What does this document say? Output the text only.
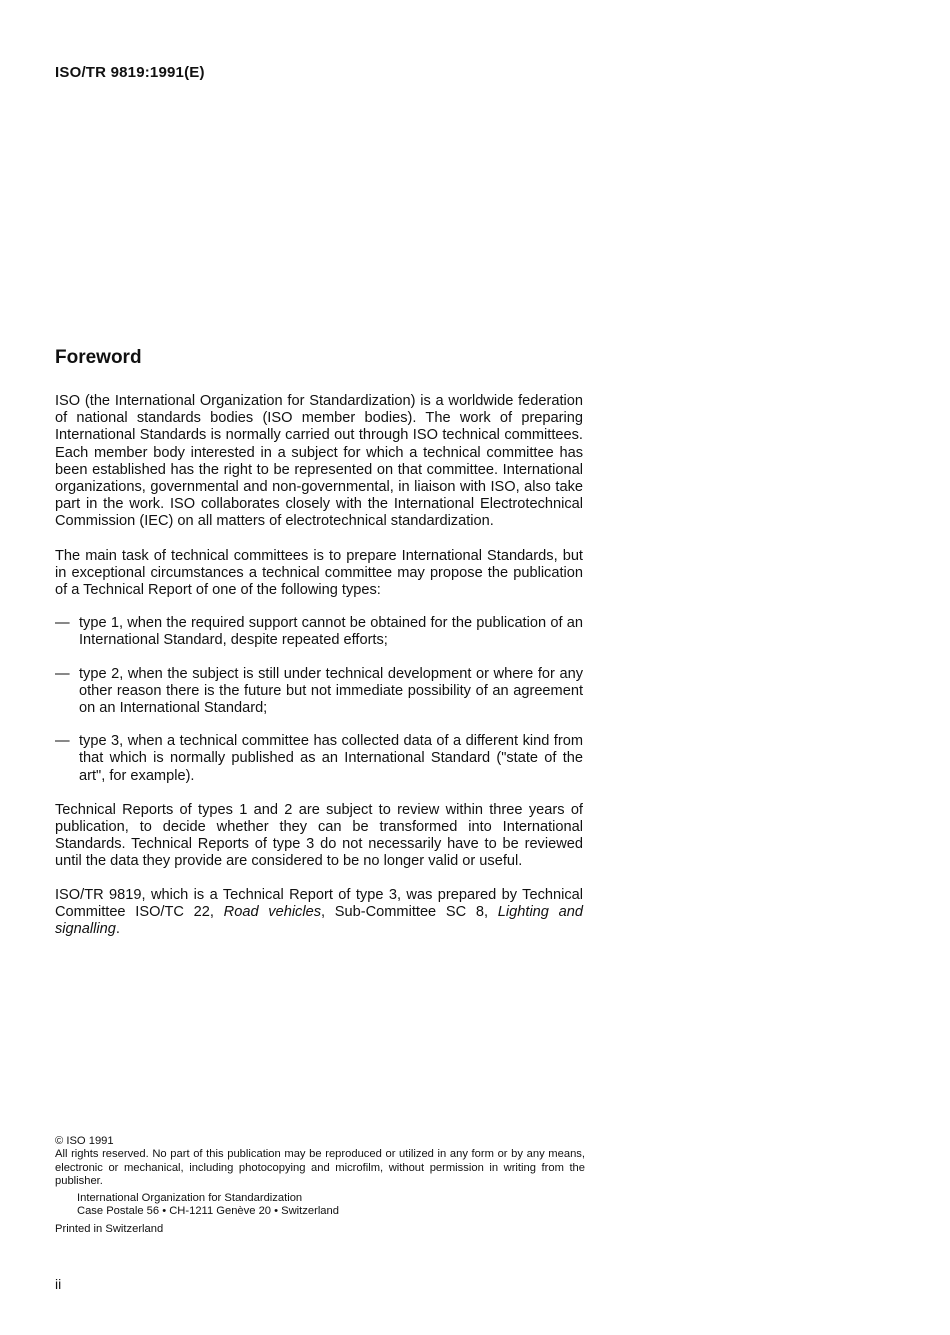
ISO/TR 9819:1991(E)
Foreword

ISO (the International Organization for Standardization) is a worldwide federation of national standards bodies (ISO member bodies). The work of preparing International Standards is normally carried out through ISO technical committees. Each member body interested in a subject for which a technical committee has been established has the right to be represented on that committee. International organizations, governmental and non-governmental, in liaison with ISO, also take part in the work. ISO collaborates closely with the International Electrotechnical Commission (IEC) on all matters of electrotechnical standardization.

The main task of technical committees is to prepare International Standards, but in exceptional circumstances a technical committee may propose the publication of a Technical Report of one of the following types:

— type 1, when the required support cannot be obtained for the publication of an International Standard, despite repeated efforts;
— type 2, when the subject is still under technical development or where for any other reason there is the future but not immediate possibility of an agreement on an International Standard;
— type 3, when a technical committee has collected data of a different kind from that which is normally published as an International Standard ("state of the art", for example).

Technical Reports of types 1 and 2 are subject to review within three years of publication, to decide whether they can be transformed into International Standards. Technical Reports of type 3 do not necessarily have to be reviewed until the data they provide are considered to be no longer valid or useful.

ISO/TR 9819, which is a Technical Report of type 3, was prepared by Technical Committee ISO/TC 22, Road vehicles, Sub-Committee SC 8, Lighting and signalling.

© ISO 1991

All rights reserved. No part of this publication may be reproduced or utilized in any form or by any means, electronic or mechanical, including photocopying and microfilm, without permission in writing from the publisher.

International Organization for Standardization
Case Postale 56 • CH-1211 Genève 20 • Switzerland

Printed in Switzerland

ii
